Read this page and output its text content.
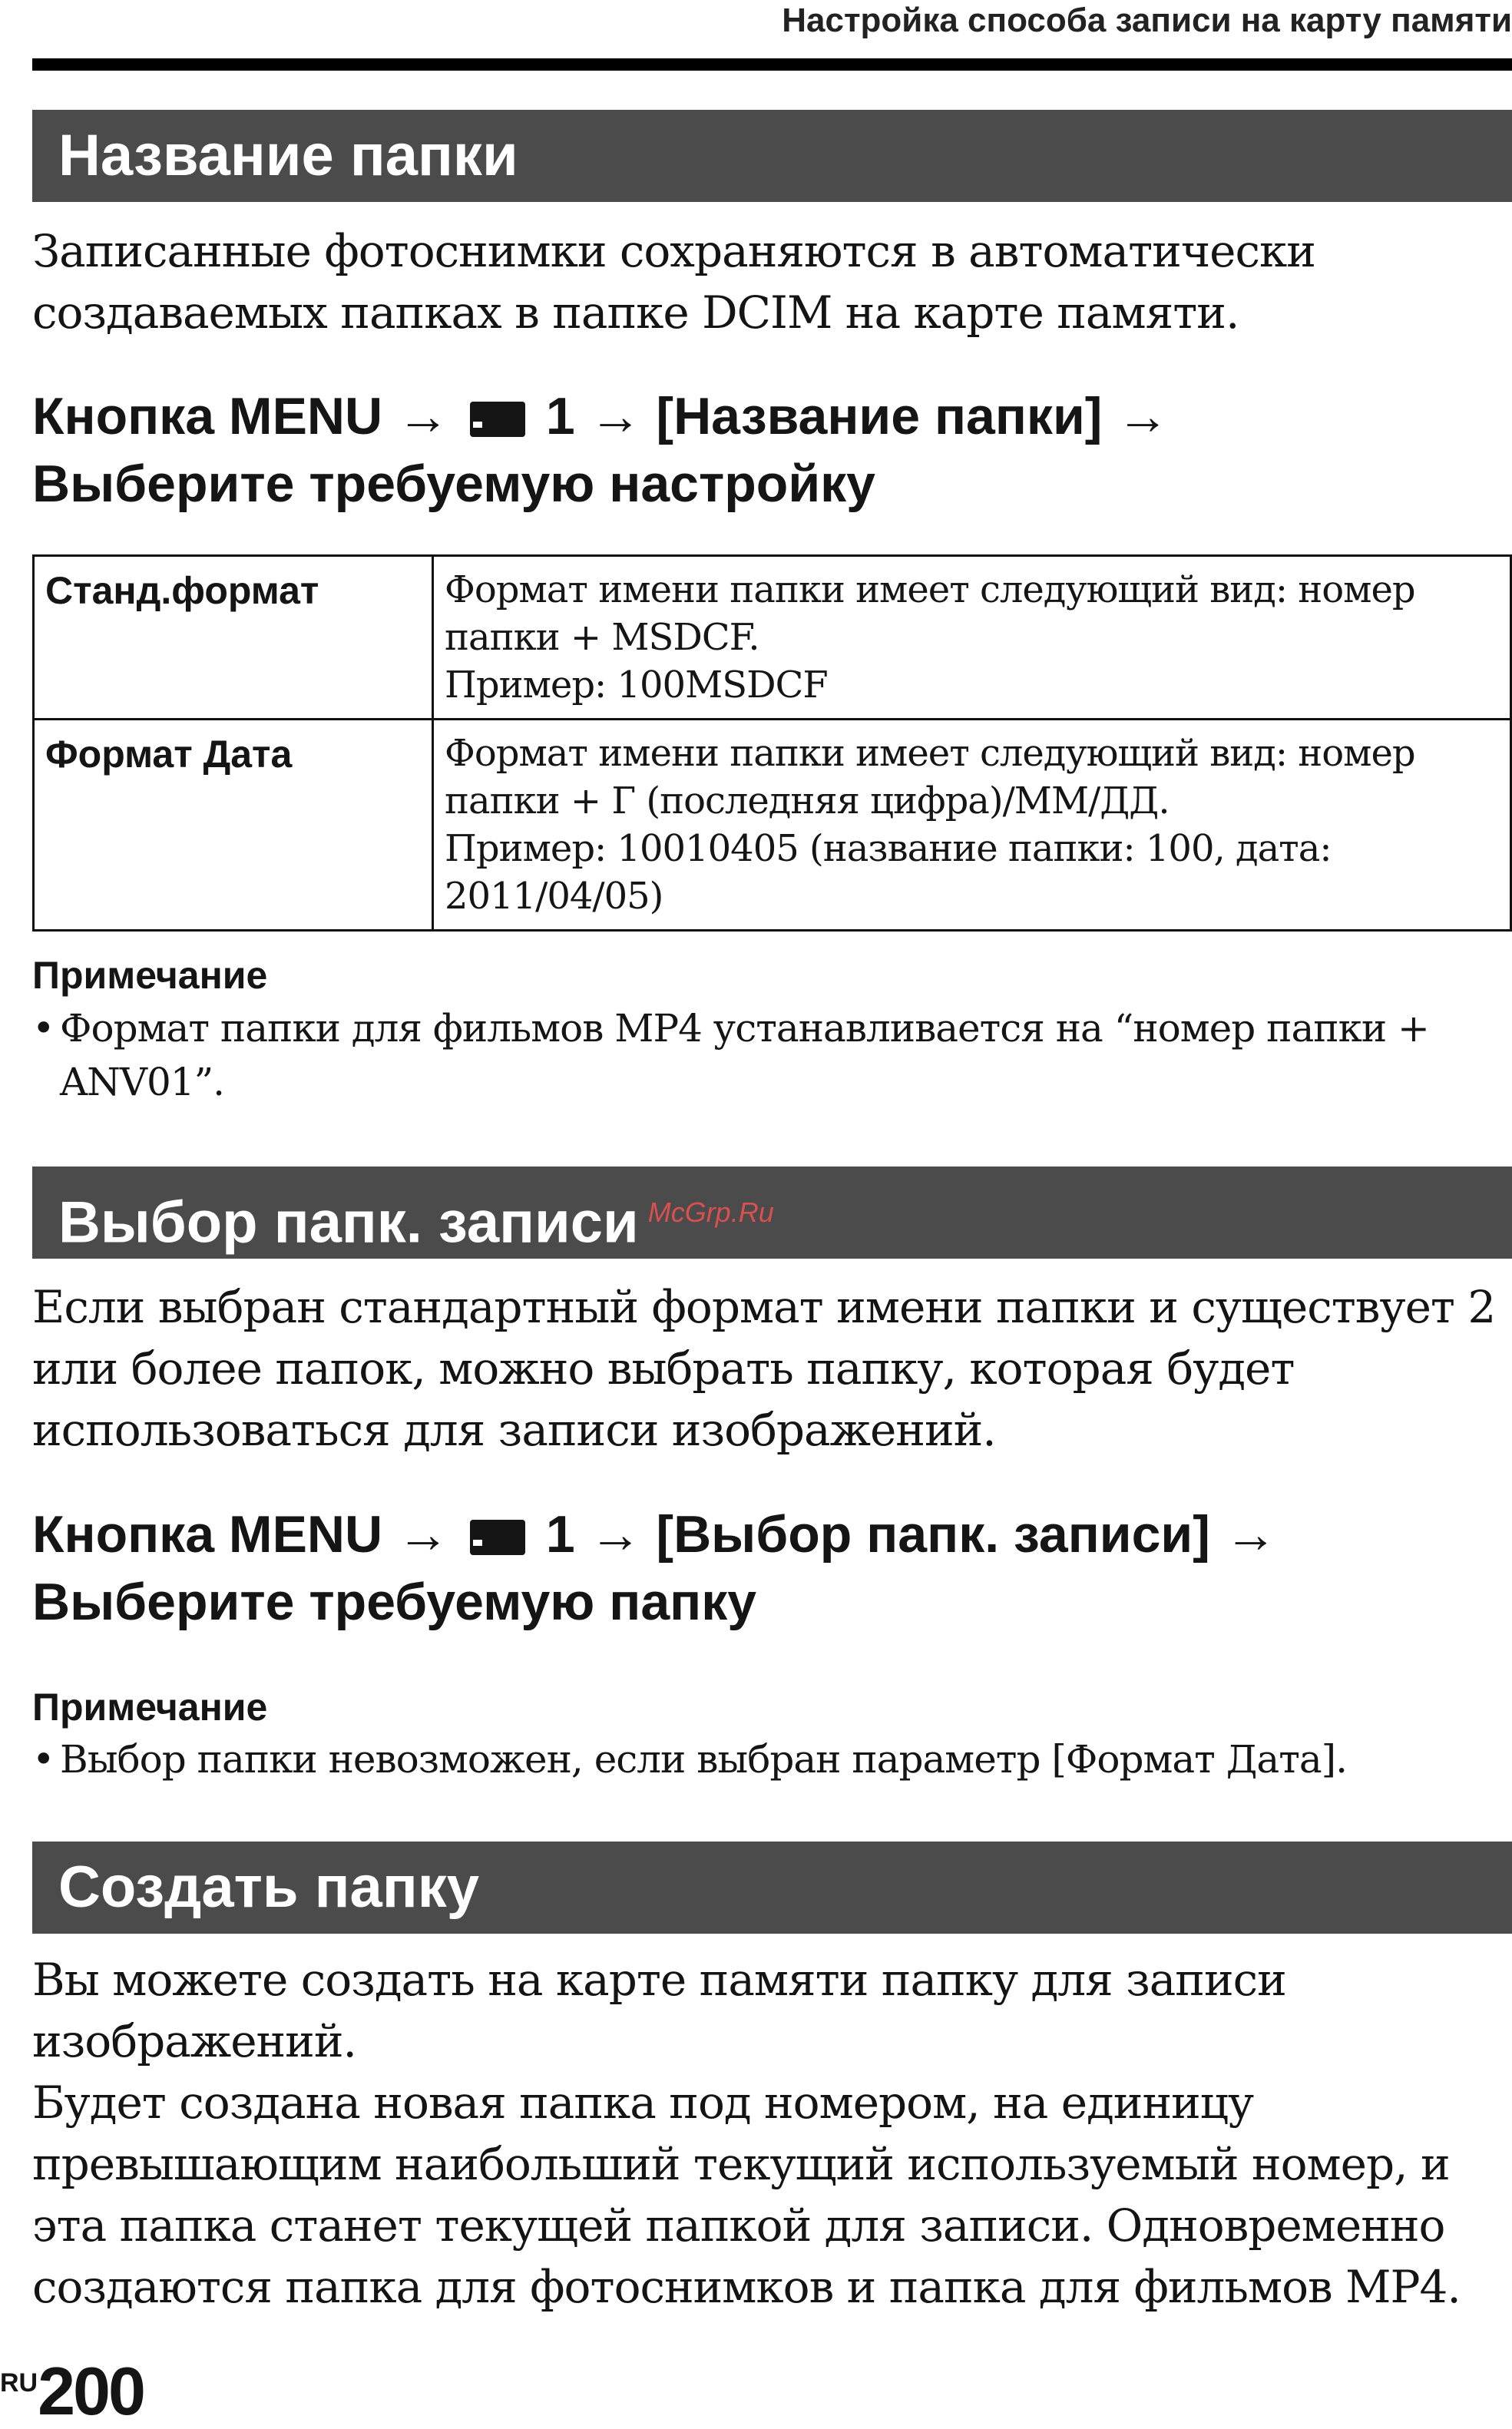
Настройка способа записи на карту памяти
Название папки

Записанные фотоснимки сохраняются в автоматически создаваемых папках в папке DCIM на карте памяти.

Кнопка MENU →  1 → [Название папки] →
Выберите требуемую настройку
Станд.формат	Формат имени папки имеет следующий вид: номер
папки + MSDCF.
Пример: 100MSDCF

Формат Дата	Формат имени папки имеет следующий вид: номер
папки + Г (последняя цифра)/ММ/ДД.
Пример: 10010405 (название папки: 100, дата:
2011/04/05)
Примечание
• Формат папки для фильмов MP4 устанавливается на “номер папки +
ANV01”.
Выбор папк. записи $^{McGrp.Ru}$

Если выбран стандартный формат имени папки и существует 2 или более папок, можно выбрать папку, которая будет использоваться для записи изображений.

Кнопка MENU →  1 → [Выбор папк. записи] →
Выберите требуемую папку
Примечание
• Выбор папки невозможен, если выбран параметр [Формат Дата].
Создать папку

Вы можете создать на карте памяти папку для записи изображений.

Будет создана новая папка под номером, на единицу превышающим наибольший текущий используемый номер, и эта папка станет текущей папкой для записи. Одновременно создаются папка для фотоснимков и папка для фильмов MP4.

RU200
